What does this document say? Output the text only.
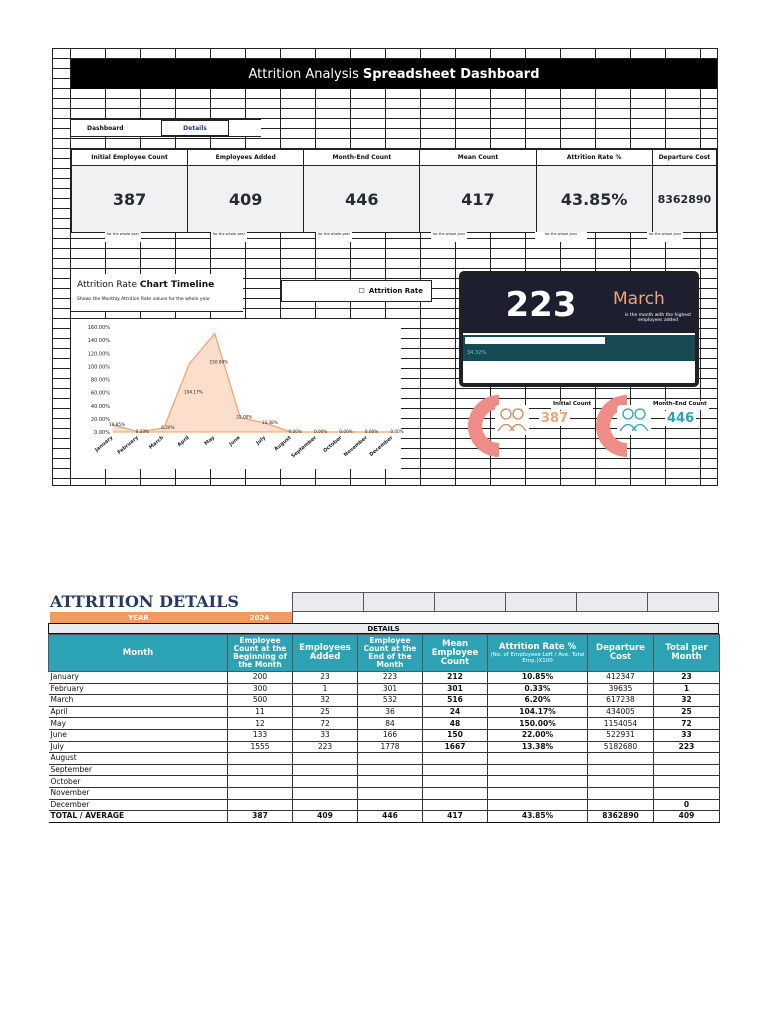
Attrition Analysis Spreadsheet Dashboard
Dashboard	Details
Initial Employee Count
387
Employees Added
409
Month-End Count
446
Mean Count
417
Attrition Rate %
43.85%
Departure Cost
8362890
for the whole year	for the whole year	for the whole year	for the whole year	for the whole year	for the whole year
Attrition Rate Chart Timeline
Shows the Monthly Attrition Rate values for the whole year
☐ Attrition Rate
0.00%
20.00%
40.00%
60.00%
80.00%
100.00%
120.00%
140.00%
160.00%
10.85%
0.33%
6.20%
104.17%
150.00%
22.00%
13.38%
0.00%	0.00%	0.00%	0.00%	0.00%
January February March April	May June	July August
September October November December
223	March
is the month with the highest employees added
34.32%
Initial Count
387
Month-End Count
446
ATTRITION DETAILS
YEAR	2024
DETAILS
Month	Employee Count at the Beginning of the Month	Employees Added	Employee Count at the End of the Month	Mean Employee Count	Attrition Rate %
(No. of Employees Left / Ave. Total Emp.)X100	Departure Cost	Total per Month
January	200	23	223	212	10.85%	412347	23
February	300	1	301	301	0.33%	39635	1
March	500	32	532	516	6.20%	617238	32
April	11	25	36	24	104.17%	434005	25
May	12	72	84	48	150.00%	1154054	72
June	133	33	166	150	22.00%	522931	33
July	1555	223	1778	1667	13.38%	5182680	223
August							
September							
October							
November							
December							0
TOTAL / AVERAGE	387	409	446	417	43.85%	8362890	409
